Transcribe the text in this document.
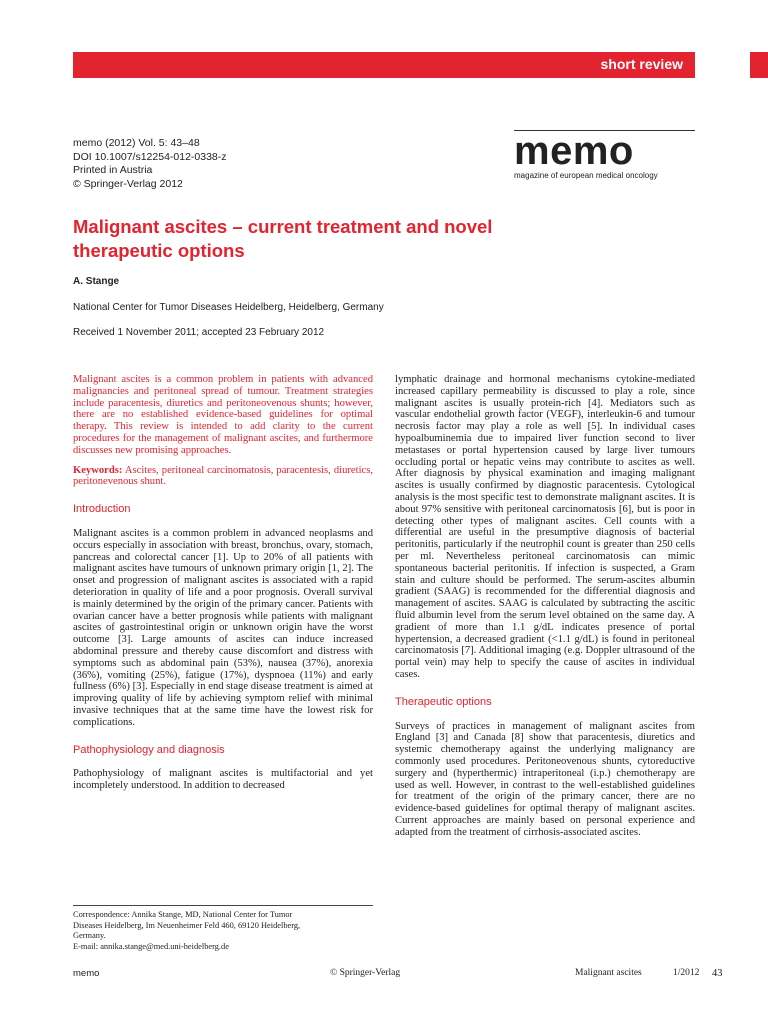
short review
memo (2012) Vol. 5: 43–48
DOI 10.1007/s12254-012-0338-z
Printed in Austria
© Springer-Verlag 2012
memo
magazine of european medical oncology
Malignant ascites – current treatment and novel therapeutic options
A. Stange
National Center for Tumor Diseases Heidelberg, Heidelberg, Germany
Received 1 November 2011; accepted 23 February 2012

Malignant ascites is a common problem in patients with advanced malignancies and peritoneal spread of tumour. Treatment strategies include paracentesis, diuretics and peritoneovenous shunts; however, there are no established evidence-based guidelines for optimal therapy. This review is intended to add clarity to the current procedures for the management of malignant ascites, and furthermore discusses new promising approaches.

Keywords: Ascites, peritoneal carcinomatosis, paracentesis, diuretics, peritonevenous shunt.

Introduction

Malignant ascites is a common problem in advanced neoplasms and occurs especially in association with breast, bronchus, ovary, stomach, pancreas and colorectal cancer [1]. Up to 20% of all patients with malignant ascites have tumours of unknown primary origin [1, 2]. The onset and progression of malignant ascites is associated with a rapid deterioration in quality of life and a poor prognosis. Overall survival is mainly determined by the origin of the primary cancer. Patients with ovarian cancer have a better prognosis while patients with malignant ascites of gastrointestinal origin or unknown origin have the worst outcome [3]. Large amounts of ascites can induce increased abdominal pressure and thereby cause discomfort and distress with symptoms such as abdominal pain (53%), nausea (37%), anorexia (36%), vomiting (25%), fatigue (17%), dyspnoea (11%) and early fullness (6%) [3]. Especially in end stage disease treatment is aimed at improving quality of life by achieving symptom relief with minimal invasive techniques that at the same time have the lowest risk for complications.

Pathophysiology and diagnosis

Pathophysiology of malignant ascites is multifactorial and yet incompletely understood. In addition to decreased

lymphatic drainage and hormonal mechanisms cytokine-mediated increased capillary permeability is discussed to play a role, since malignant ascites is usually protein-rich [4]. Mediators such as vascular endothelial growth factor (VEGF), interleukin-6 and tumour necrosis factor may play a role as well [5]. In individual cases hypoalbuminemia due to impaired liver function second to liver metastases or portal hypertension caused by large liver tumours occluding portal or hepatic veins may contribute to ascites as well. After diagnosis by physical examination and imaging malignant ascites is usually confirmed by diagnostic paracentesis. Cytological analysis is the most specific test to demonstrate malignant ascites. It is about 97% sensitive with peritoneal carcinomatosis [6], but is poor in detecting other types of malignant ascites. Cell counts with a differential are useful in the presumptive diagnosis of bacterial peritonitis, particularly if the neutrophil count is greater than 250 cells per ml. Nevertheless peritoneal carcinomatosis can mimic spontaneous bacterial peritonitis. If infection is suspected, a Gram stain and culture should be performed. The serum-ascites albumin gradient (SAAG) is recommended for the differential diagnosis and management of ascites. SAAG is calculated by subtracting the ascitic fluid albumin level from the serum level obtained on the same day. A gradient of more than 1.1 g/dL indicates presence of portal hypertension, a decreased gradient (<1.1 g/dL) is found in peritoneal carcinomatosis [7]. Additional imaging (e.g. Doppler ultrasound of the portal vein) may help to specify the cause of ascites in individual cases.

Therapeutic options

Surveys of practices in management of malignant ascites from England [3] and Canada [8] show that paracentesis, diuretics and systemic chemotherapy against the underlying malignancy are commonly used procedures. Peritoneovenous shunts, cytoreductive surgery and (hyperthermic) intraperitoneal (i.p.) chemotherapy are used as well. However, in contrast to the well-established guidelines for treatment of the origin of the primary cancer, there are no evidence-based guidelines for optimal therapy of malignant ascites. Current approaches are mainly based on personal experience and adapted from the treatment of cirrhosis-associated ascites.

Correspondence: Annika Stange, MD, National Center for Tumor
Diseases Heidelberg, Im Neuenheimer Feld 460, 69120 Heidelberg,
Germany.
E-mail: annika.stange@med.uni-heidelberg.de
memo	© Springer-Verlag	Malignant ascites	1/2012 43
